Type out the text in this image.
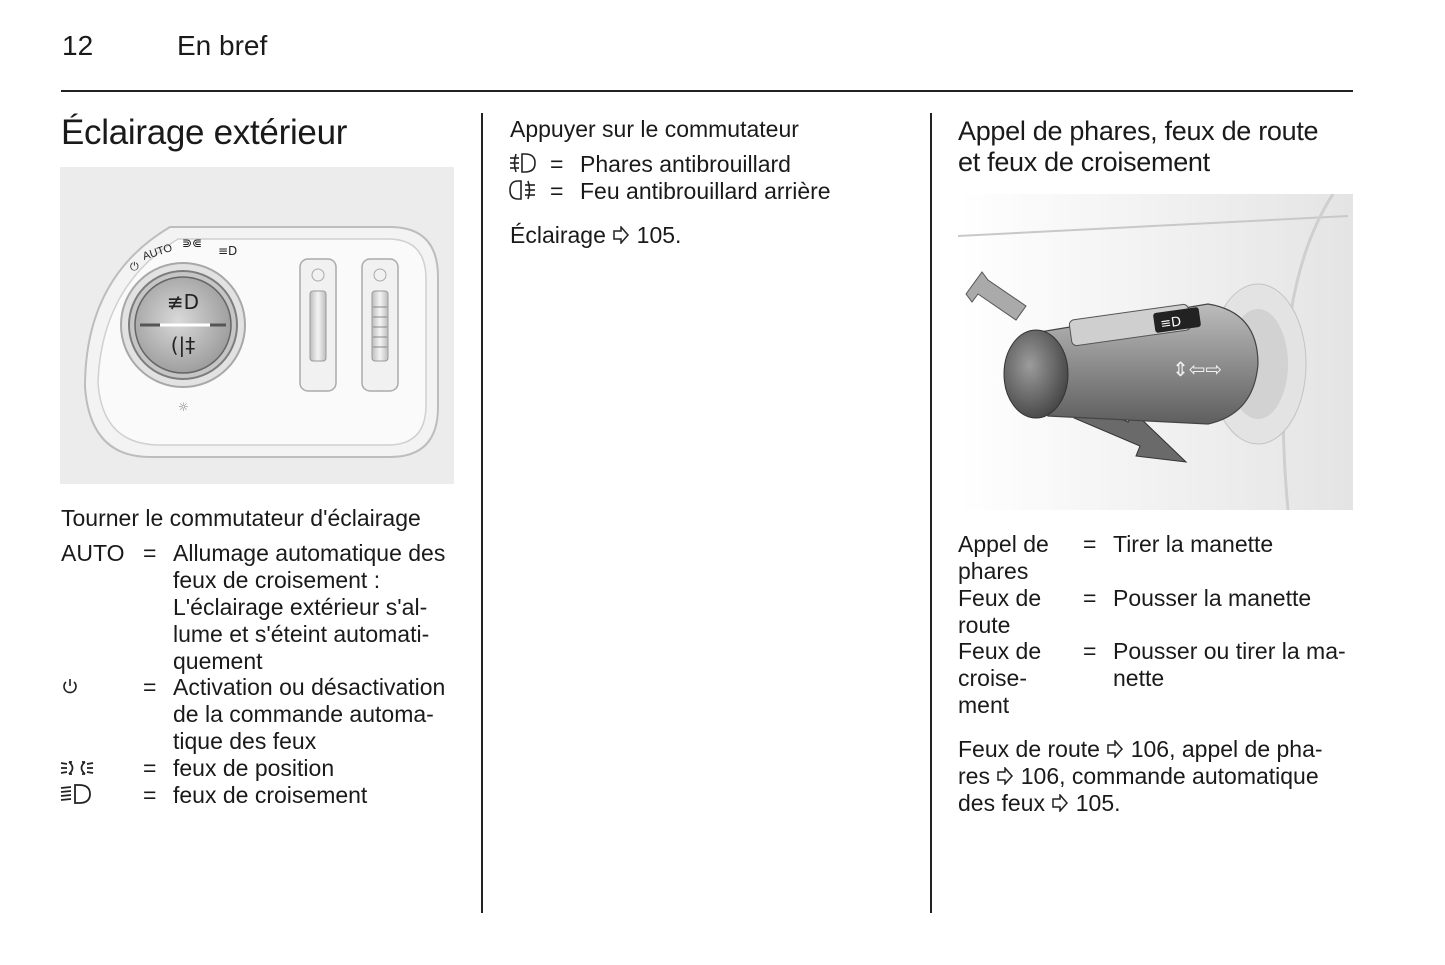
12	En bref
Éclairage extérieur
≢D
(|‡
⏻
AUTO ⋑⋐
≡D
☼
Tourner le commutateur d'éclairage
AUTO = Allumage automatique des
feux de croisement :
L'éclairage extérieur s'al-
lume et s'éteint automati-
quement
= Activation ou désactivation
de la commande automa-
tique des feux
= feux de position
= feux de croisement
Appuyer sur le commutateur
= Phares antibrouillard
= Feu antibrouillard arrière
Éclairage 105.
Appel de phares, feux de route
et feux de croisement
≡D
⇕⇦⇨
Appel de
phares
= Tirer la manette
Feux de
route
= Pousser la manette
Feux de
croise-
ment
= Pousser ou tirer la ma-
nette
Feux de route 106, appel de pha-
res 106, commande automatique
des feux 105.
